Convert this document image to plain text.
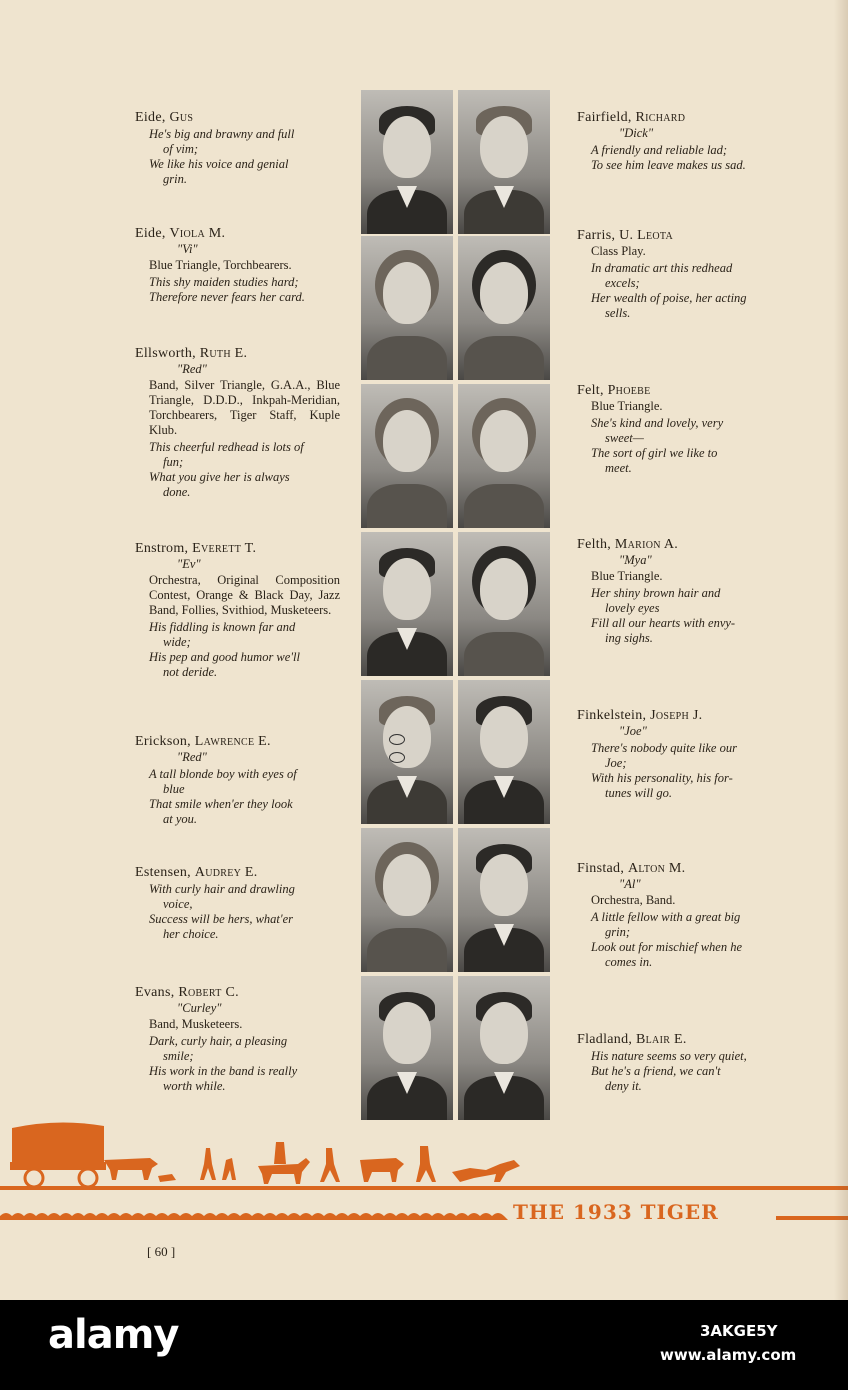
Eide, Gus
He's big and brawny and full
of vim;
We like his voice and genial
grin.
Eide, Viola M.
"Vi"
Blue Triangle, Torchbearers.
This shy maiden studies hard;
Therefore never fears her card.
Ellsworth, Ruth E.
"Red"
Band, Silver Triangle, G.A.A., Blue Triangle, D.D.D., Inkpah-Meridian, Torchbearers, Tiger Staff, Kuple Klub.
This cheerful redhead is lots of
fun;
What you give her is always
done.
Enstrom, Everett T.
"Ev"
Orchestra, Original Composition Contest, Orange & Black Day, Jazz Band, Follies, Svithiod, Musketeers.
His fiddling is known far and
wide;
His pep and good humor we'll
not deride.
Erickson, Lawrence E.
"Red"
A tall blonde boy with eyes of
blue
That smile when'er they look
at you.
Estensen, Audrey E.
With curly hair and drawling
voice,
Success will be hers, what'er
her choice.
Evans, Robert C.
"Curley"
Band, Musketeers.
Dark, curly hair, a pleasing
smile;
His work in the band is really
worth while.
Fairfield, Richard
"Dick"
A friendly and reliable lad;
To see him leave makes us sad.
Farris, U. Leota
Class Play.
In dramatic art this redhead
excels;
Her wealth of poise, her acting
sells.
Felt, Phoebe
Blue Triangle.
She's kind and lovely, very
sweet—
The sort of girl we like to
meet.
Felth, Marion A.
"Mya"
Blue Triangle.
Her shiny brown hair and
lovely eyes
Fill all our hearts with envy-
ing sighs.
Finkelstein, Joseph J.
"Joe"
There's nobody quite like our
Joe;
With his personality, his for-
tunes will go.
Finstad, Alton M.
"Al"
Orchestra, Band.
A little fellow with a great big
grin;
Look out for mischief when he
comes in.
Fladland, Blair E.
His nature seems so very quiet,
But he's a friend, we can't
deny it.
THE 1933 TIGER
[ 60 ]
alamy	3AKGE5Y
www.alamy.com
